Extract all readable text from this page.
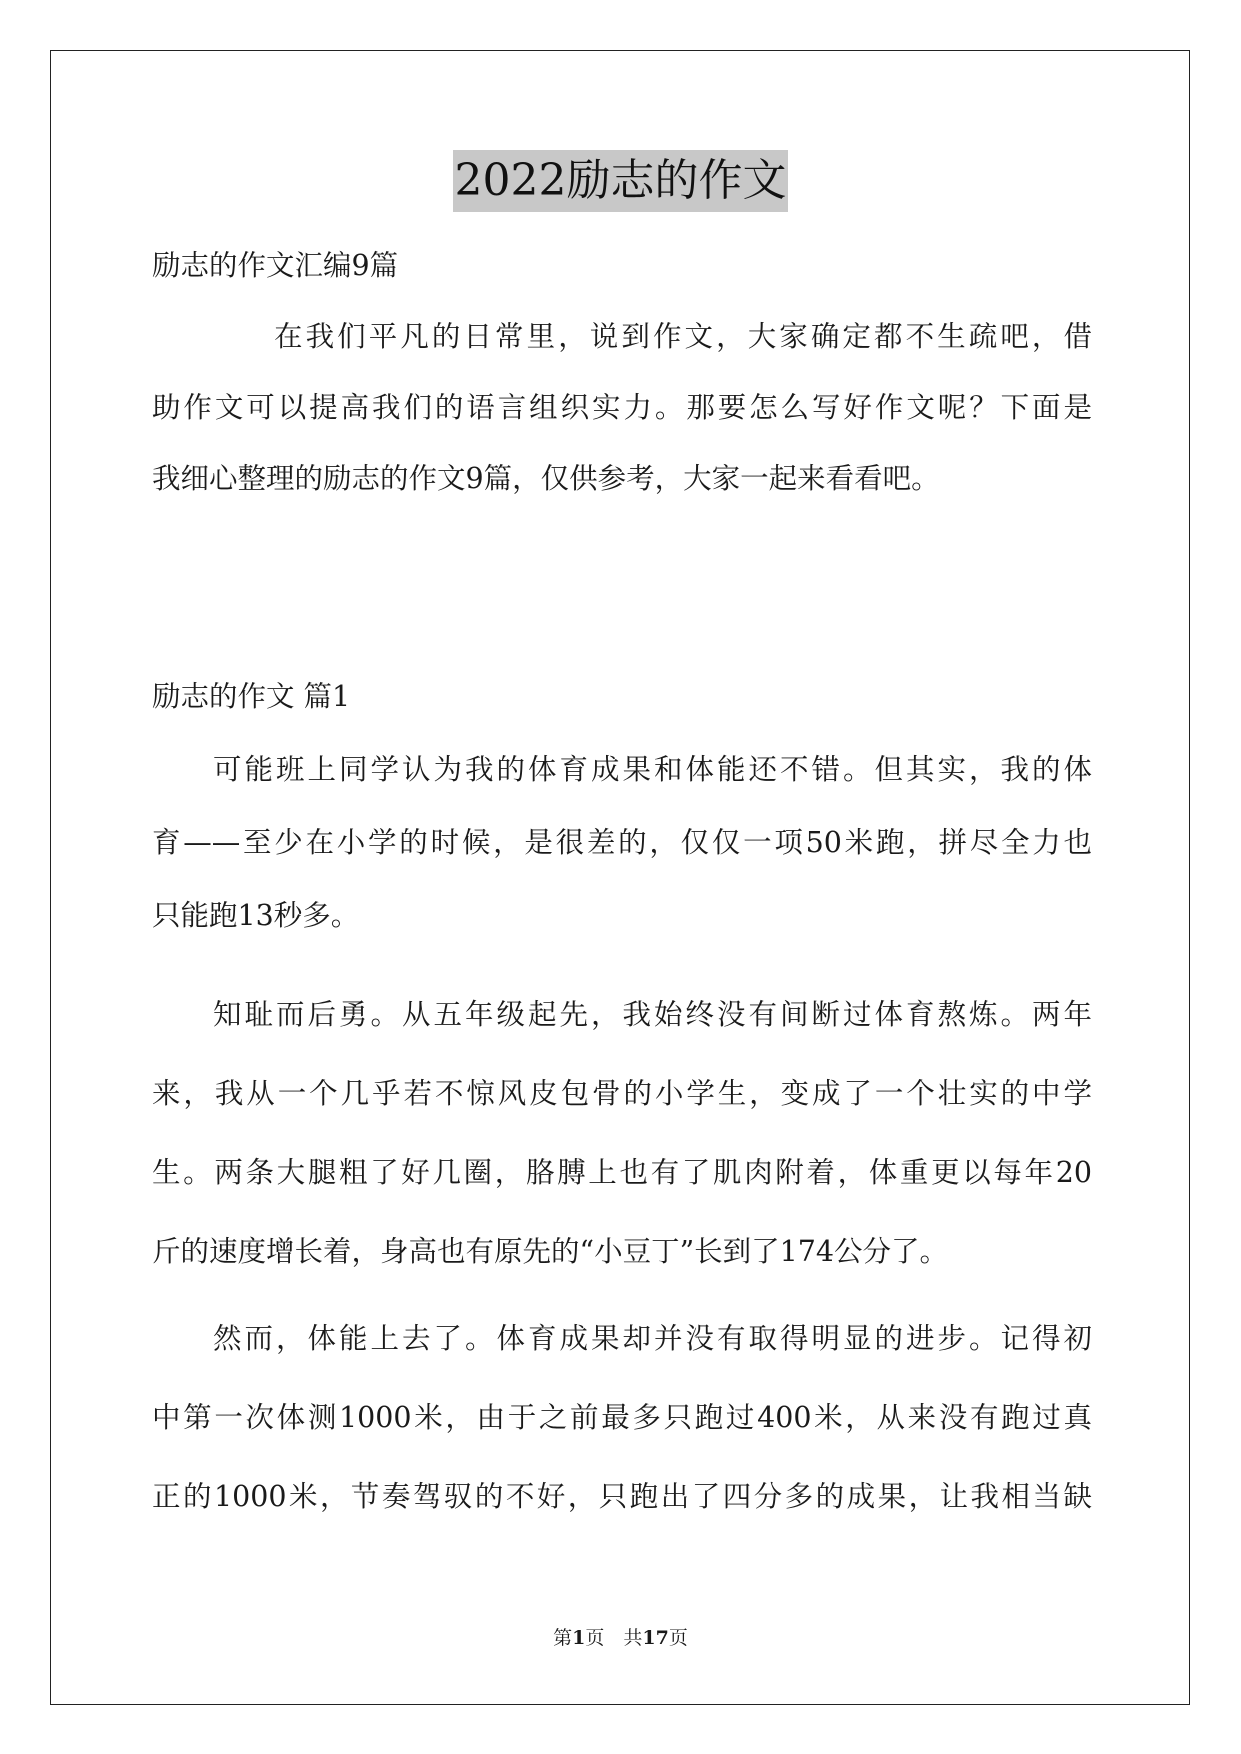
2022励志的作文
励志的作文汇编9篇
在我们平凡的日常里，说到作文，大家确定都不生疏吧，借
助作文可以提高我们的语言组织实力。那要怎么写好作文呢？下面是
我细心整理的励志的作文9篇，仅供参考，大家一起来看看吧。
励志的作文 篇1
可能班上同学认为我的体育成果和体能还不错。但其实，我的体
育——至少在小学的时候，是很差的，仅仅一项50米跑，拼尽全力也
只能跑13秒多。
知耻而后勇。从五年级起先，我始终没有间断过体育熬炼。两年
来，我从一个几乎若不惊风皮包骨的小学生，变成了一个壮实的中学
生。两条大腿粗了好几圈，胳膊上也有了肌肉附着，体重更以每年20
斤的速度增长着，身高也有原先的“小豆丁”长到了174公分了。
然而，体能上去了。体育成果却并没有取得明显的进步。记得初
中第一次体测1000米，由于之前最多只跑过400米，从来没有跑过真
正的1000米，节奏驾驭的不好，只跑出了四分多的成果，让我相当缺
第1页　共17页
